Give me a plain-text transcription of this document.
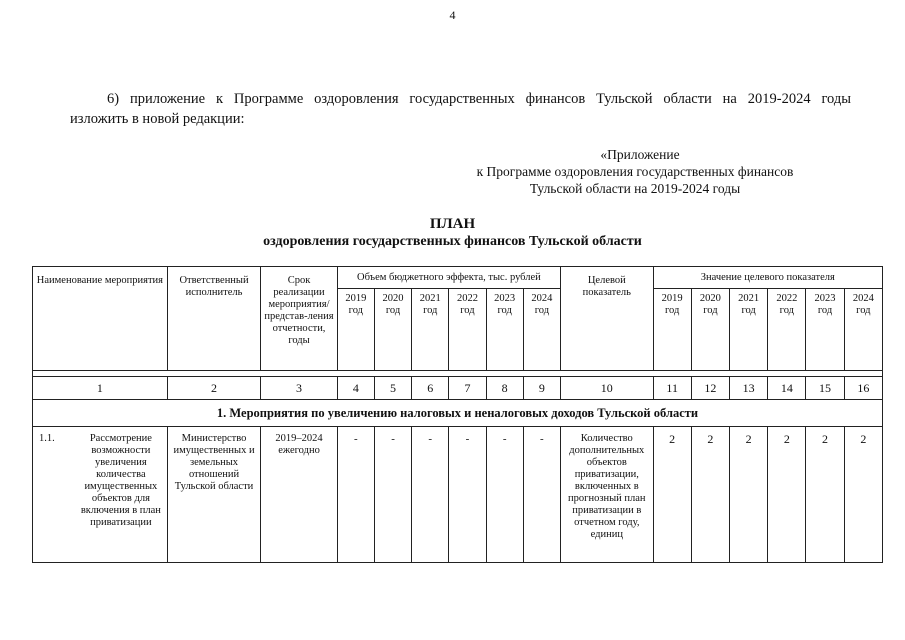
4
6) приложение к Программе оздоровления государственных финансов Тульской области на 2019-2024 годы
изложить в новой редакции:
«Приложение
к Программе оздоровления государственных финансов
Тульской области на 2019-2024 годы
ПЛАН
оздоровления государственных финансов Тульской области
Наименование мероприятия	Ответственный исполнитель	Срок реализации мероприятия/ представ-ления отчетности, годы	Объем бюджетного эффекта, тыс. рублей						Целевой показатель	Значение целевого показателя					
			2019 год	2020 год	2021 год	2022 год	2023 год	2024 год		2019 год	2020 год	2021 год	2022 год	2023 год	2024 год

1	2	3	4	5	6	7	8	9	10	11	12	13	14	15	16
1. Мероприятия по увеличению налоговых и неналоговых доходов Тульской области															

1.1. Рассмотрение возможности увеличения количества имущественных объектов для включения в план приватизации	Министерство имущественных и земельных отношений Тульской области	2019–2024 ежегодно	-	-	-	-	-	-	Количество дополнительных объектов приватизации, включенных в прогнозный план приватизации в отчетном году, единиц	2	2	2	2	2	2
